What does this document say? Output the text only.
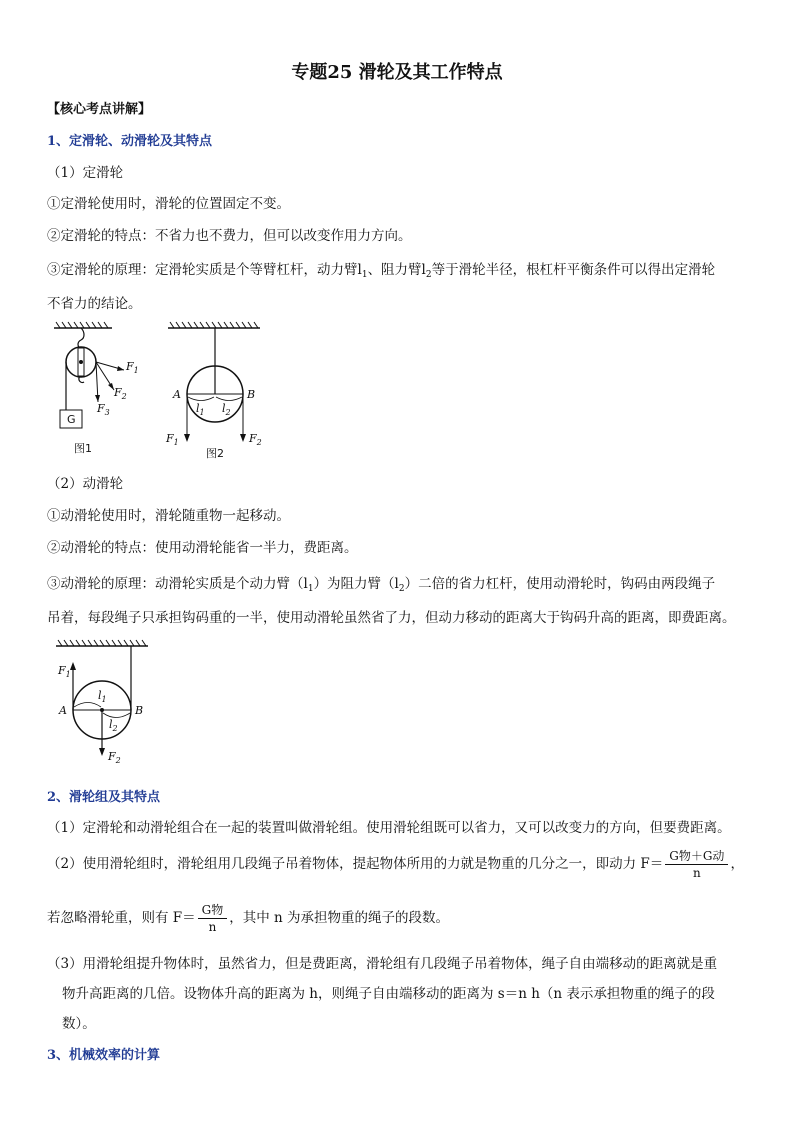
专题25 滑轮及其工作特点
【核心考点讲解】
1、定滑轮、动滑轮及其特点
（1）定滑轮
①定滑轮使用时，滑轮的位置固定不变。
②定滑轮的特点：不省力也不费力，但可以改变作用力方向。
③定滑轮的原理：定滑轮实质是个等臂杠杆，动力臂$l_1$、阻力臂$l_2$等于滑轮半径，根杠杆平衡条件可以得出定滑轮
不省力的结论。
G
$F_1$
$F_2$
$F_3$
图1
A	B
$l_1$ $l_2$
$F_1$	$F_2$
图2
（2）动滑轮
①动滑轮使用时，滑轮随重物一起移动。
②动滑轮的特点：使用动滑轮能省一半力，费距离。
③动滑轮的原理：动滑轮实质是个动力臂$(l_1)$为阻力臂$(l_2)$二倍的省力杠杆，使用动滑轮时，钩码由两段绳子
吊着，每段绳子只承担钩码重的一半，使用动滑轮虽然省了力，但动力移动的距离大于钩码升高的距离，即费距离。
$F_1$
A	B
$l_1$
$l_2$
$F_2$
2、滑轮组及其特点
（1）定滑轮和动滑轮组合在一起的装置叫做滑轮组。使用滑轮组既可以省力，又可以改变力的方向，但要费距离。
（2）使用滑轮组时，滑轮组用几段绳子吊着物体，提起物体所用的力就是物重的几分之一，即动力 $F= \frac{\text{G物＋G动}}{n}$ ，
若忽略滑轮重，则有 $F= \frac{\text{G物}}{n}$ ，其中 n 为承担物重的绳子的段数。
（3）用滑轮组提升物体时，虽然省力，但是费距离，滑轮组有几段绳子吊着物体，绳子自由端移动的距离就是重
物升高距离的几倍。设物体升高的距离为 h，则绳子自由端移动的距离为 s＝n h（n 表示承担物重的绳子的段
数）。
3、机械效率的计算
